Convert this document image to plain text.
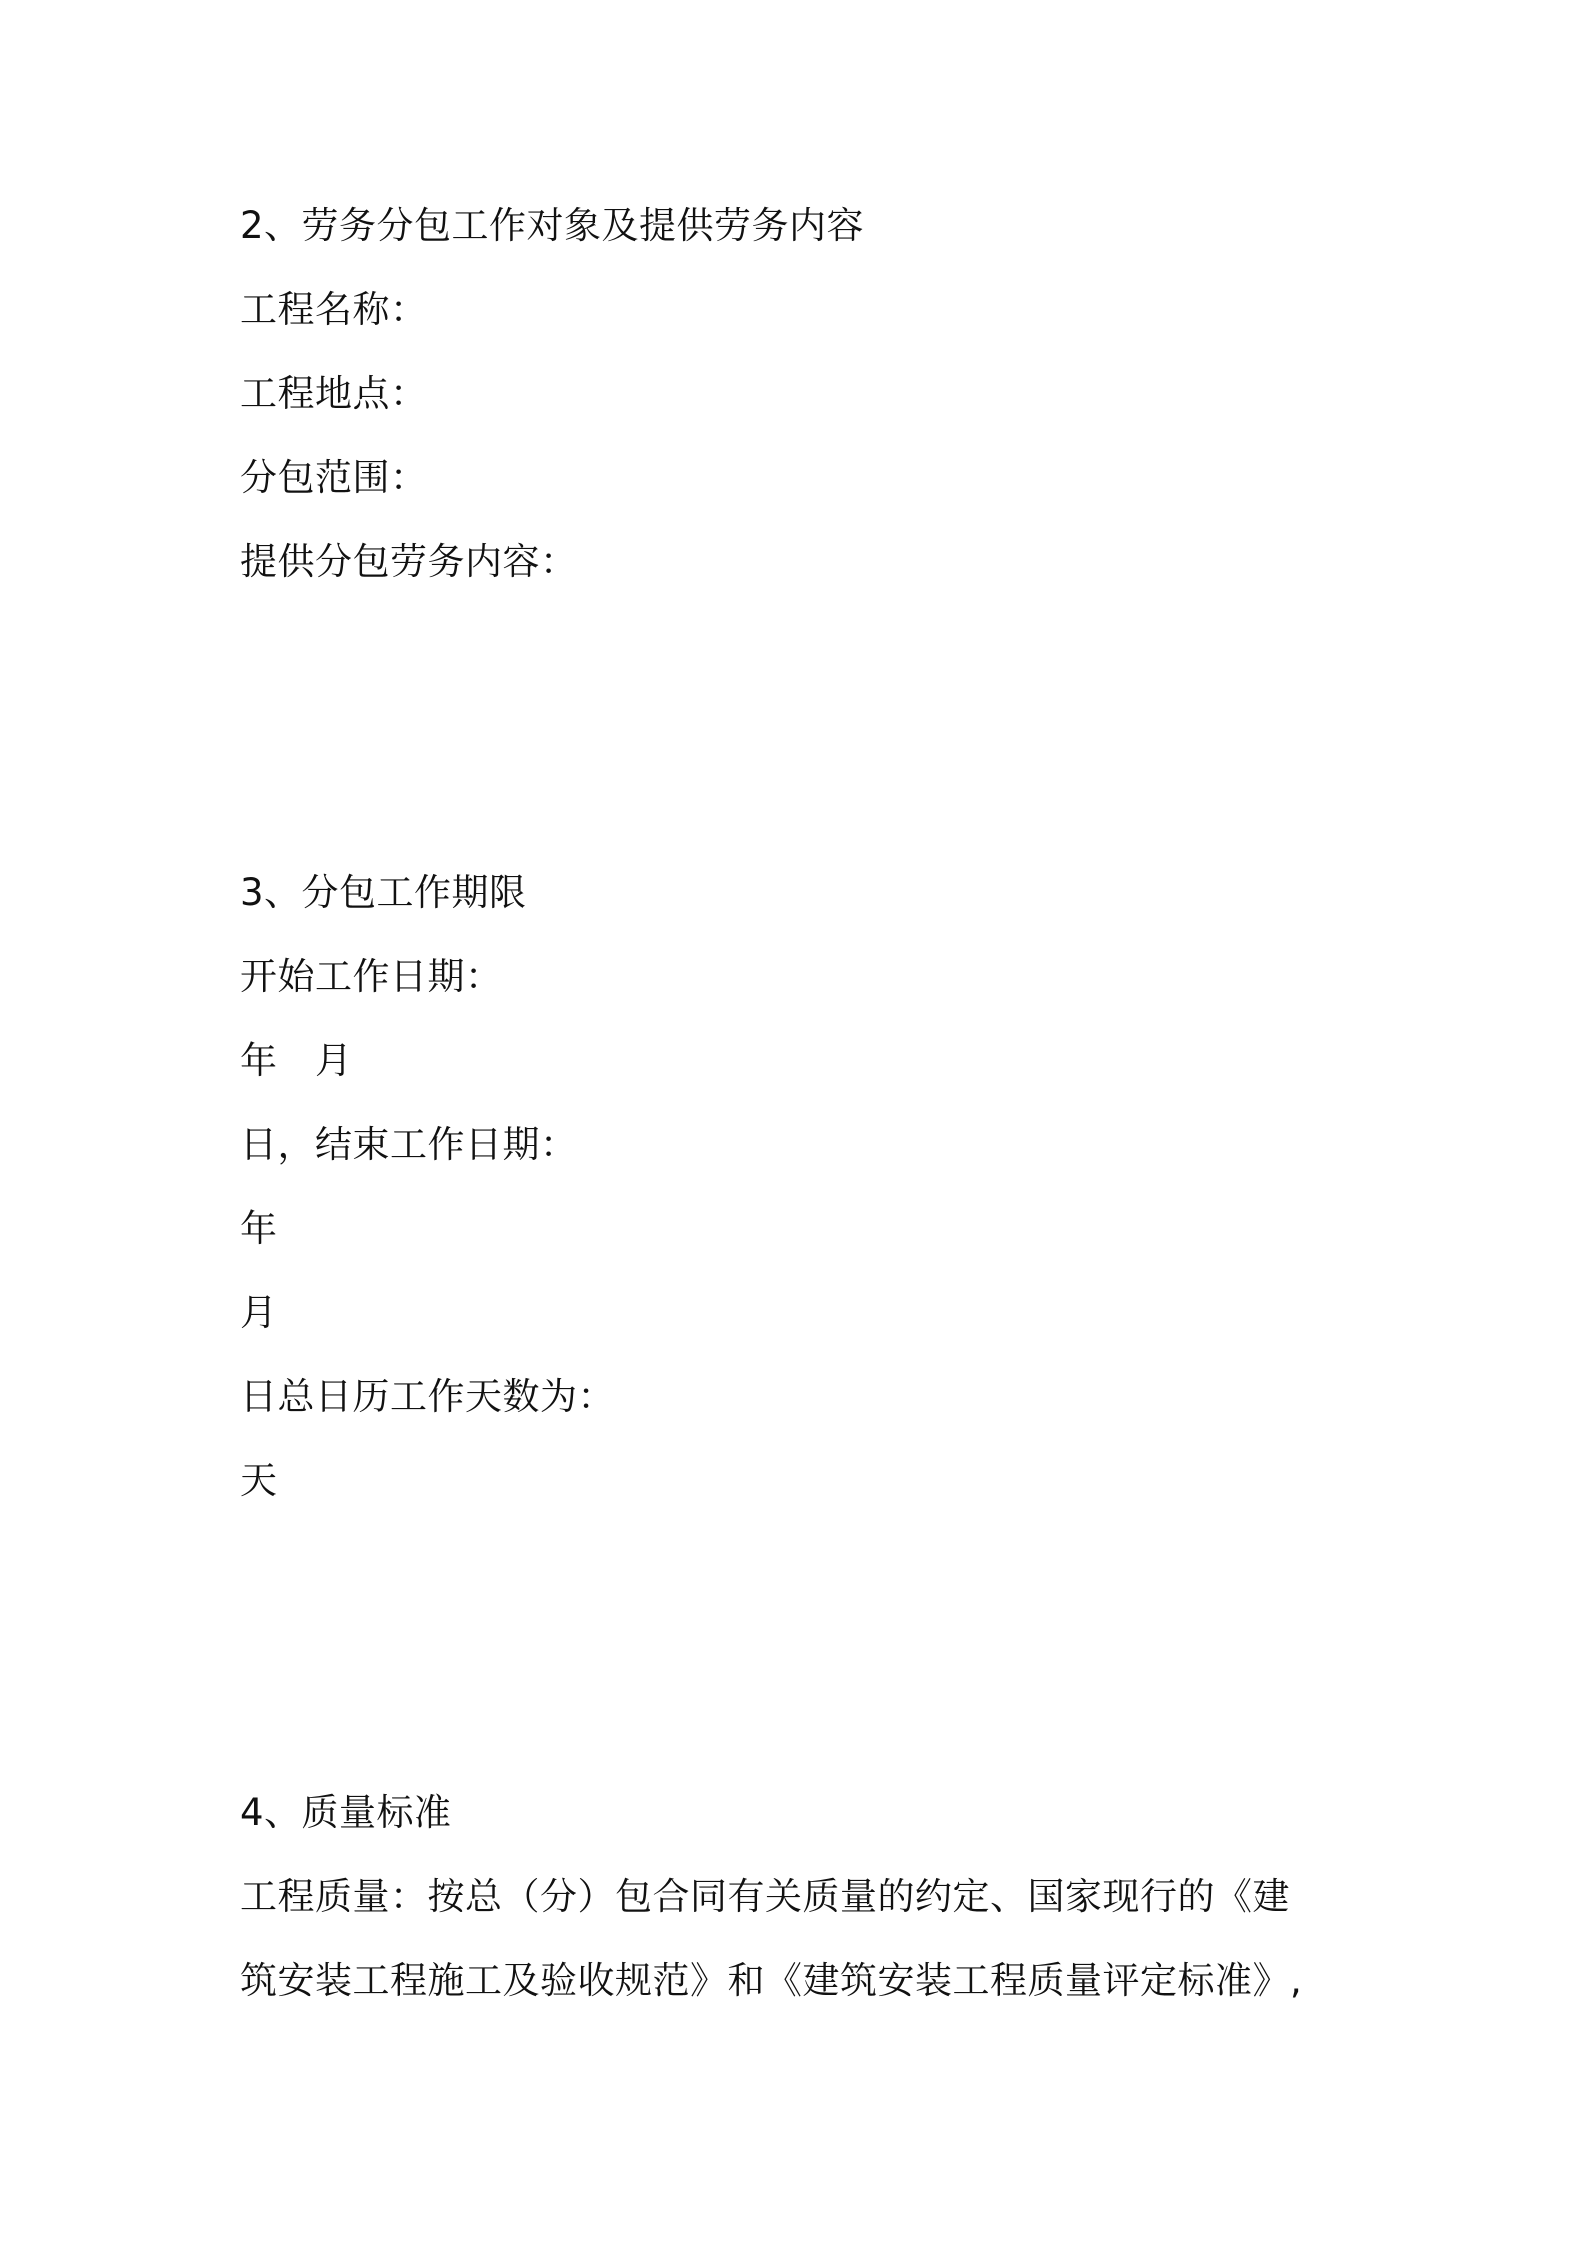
2、劳务分包工作对象及提供劳务内容
工程名称：
工程地点：
分包范围：
提供分包劳务内容：
3、分包工作期限
开始工作日期：
年　月
日，结束工作日期：
年
月
日总日历工作天数为：
天
4、质量标准
工程质量：按总（分）包合同有关质量的约定、国家现行的《建
筑安装工程施工及验收规范》和《建筑安装工程质量评定标准》,
